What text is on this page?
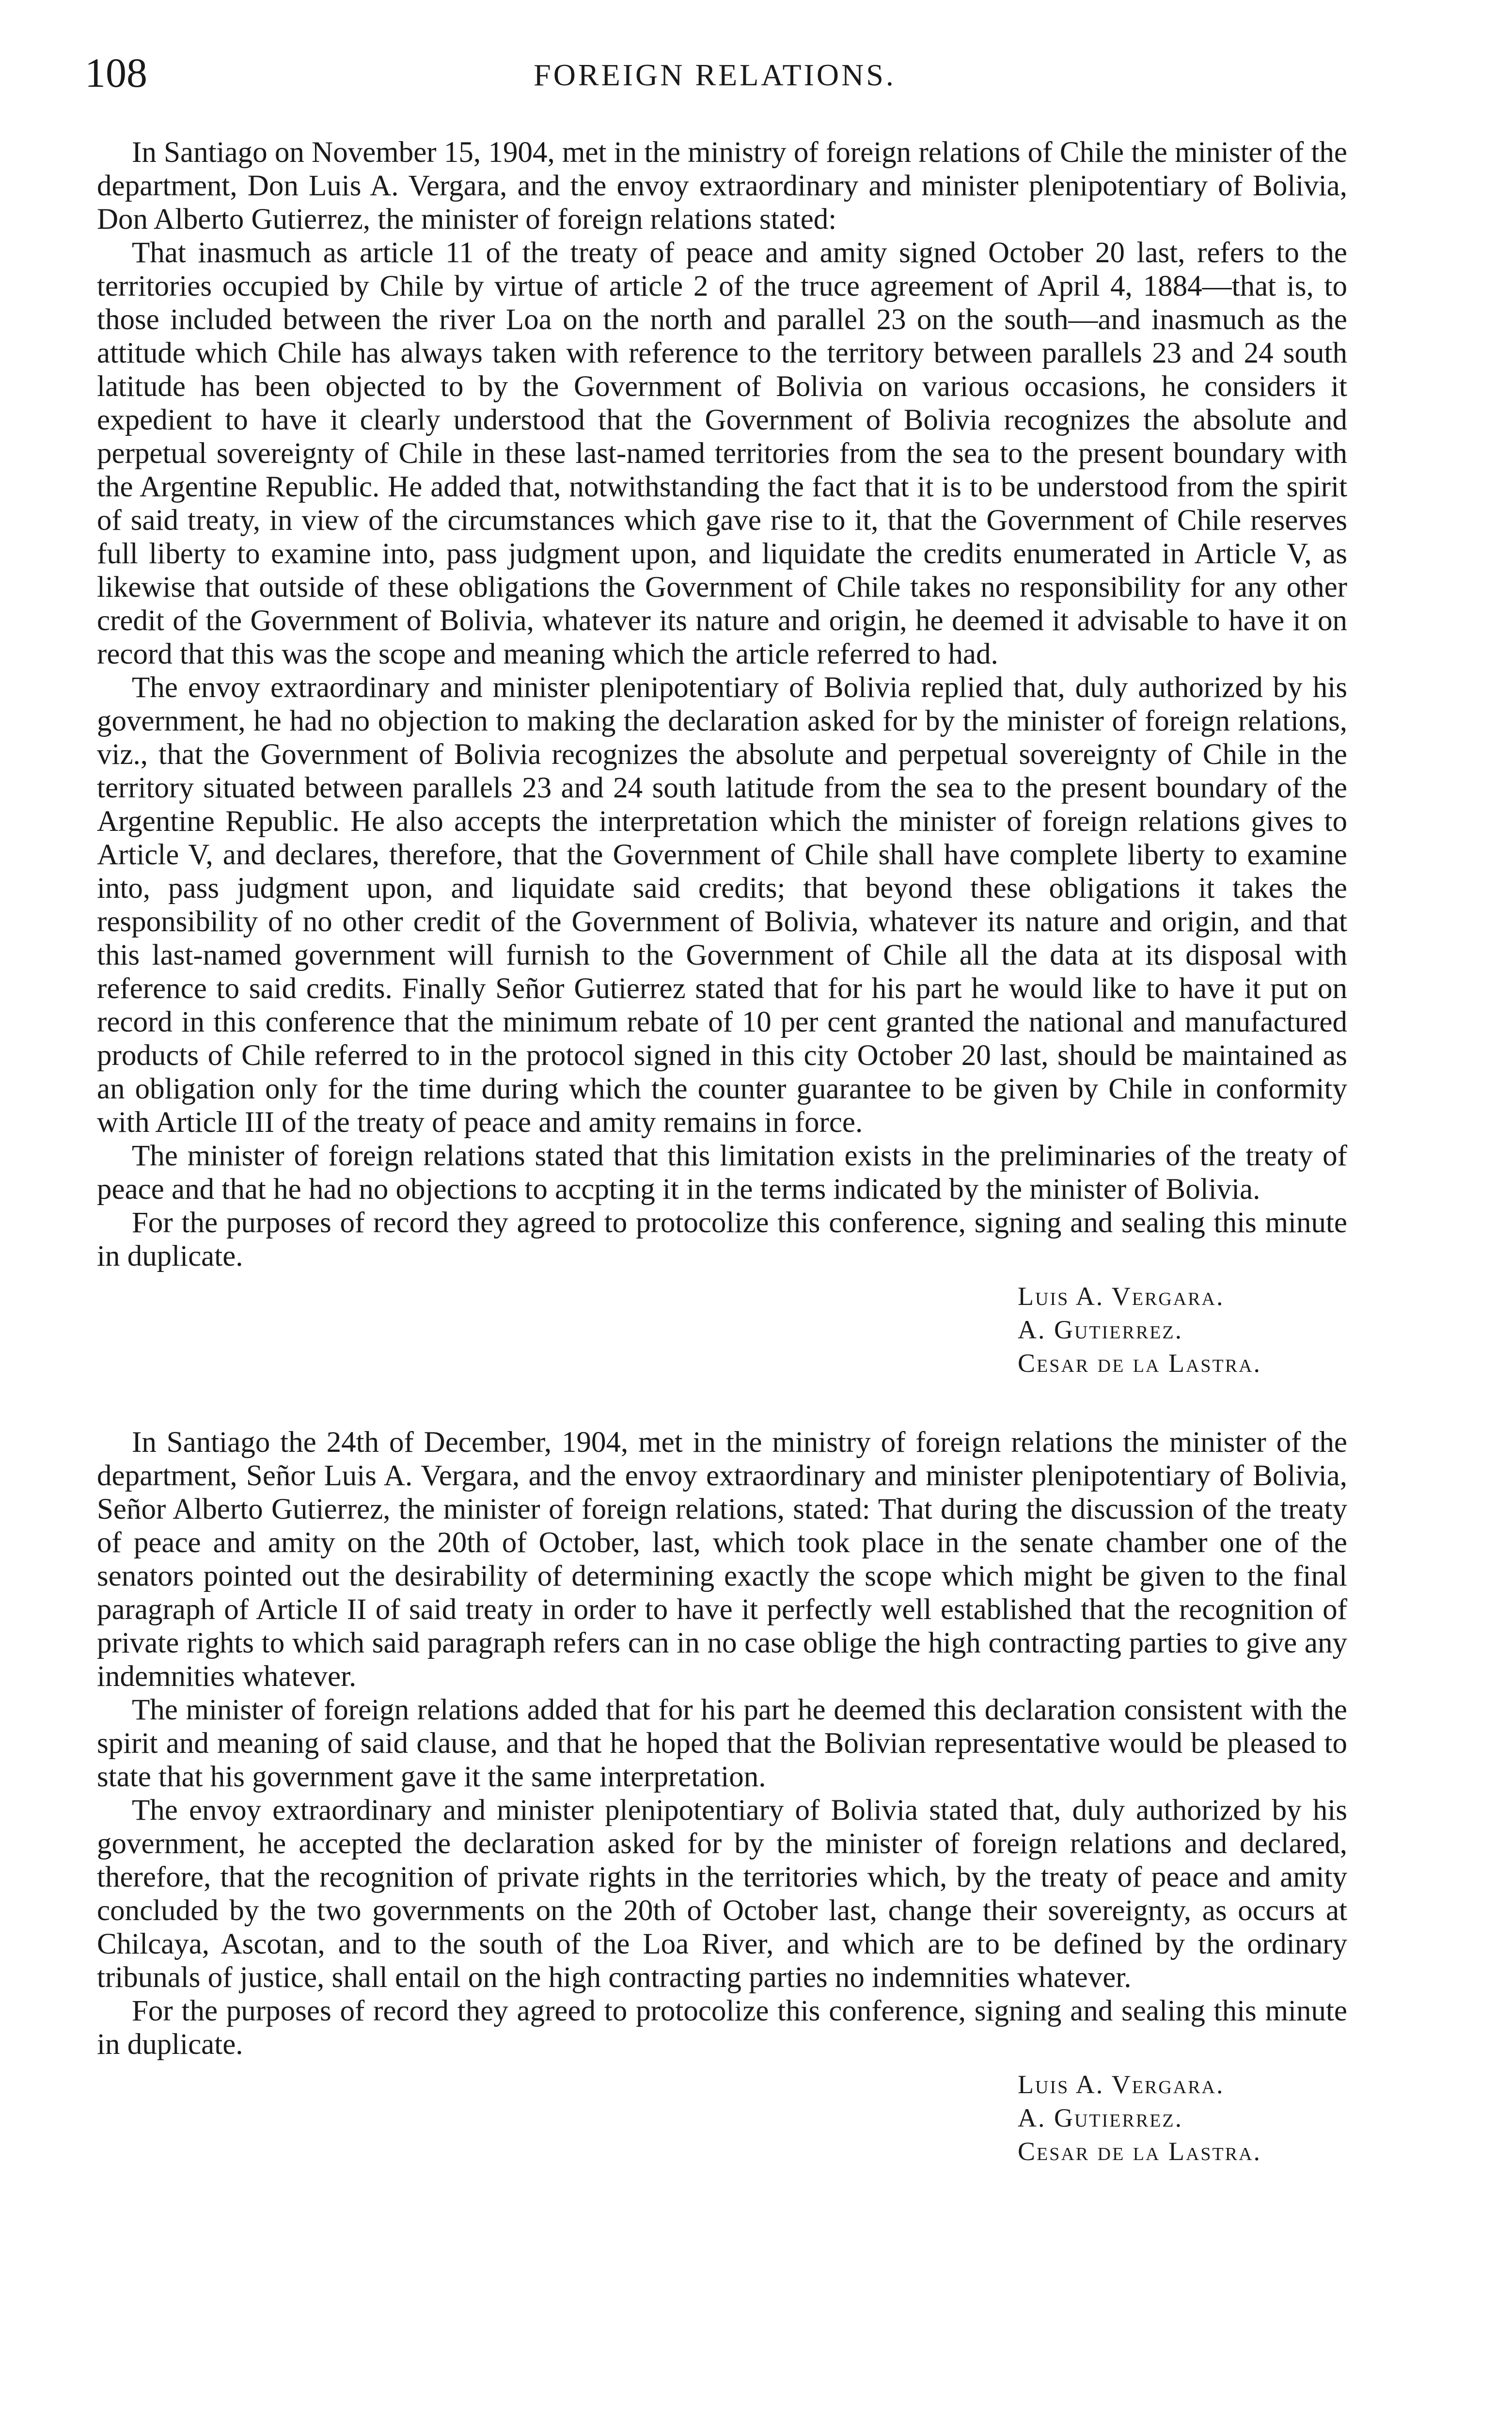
108	FOREIGN RELATIONS.

In Santiago on November 15, 1904, met in the ministry of foreign relations of Chile the minister of the department, Don Luis A. Vergara, and the envoy extraordinary and minister plenipotentiary of Bolivia, Don Alberto Gutierrez, the minister of foreign relations stated:

That inasmuch as article 11 of the treaty of peace and amity signed October 20 last, refers to the territories occupied by Chile by virtue of article 2 of the truce agreement of April 4, 1884—that is, to those included between the river Loa on the north and parallel 23 on the south—and inasmuch as the attitude which Chile has always taken with reference to the territory between parallels 23 and 24 south latitude has been objected to by the Government of Bolivia on various occasions, he considers it expedient to have it clearly understood that the Government of Bolivia recognizes the absolute and perpetual sovereignty of Chile in these last-named territories from the sea to the present boundary with the Argentine Republic. He added that, notwithstanding the fact that it is to be understood from the spirit of said treaty, in view of the circumstances which gave rise to it, that the Government of Chile reserves full liberty to examine into, pass judgment upon, and liquidate the credits enumerated in Article V, as likewise that outside of these obligations the Government of Chile takes no responsibility for any other credit of the Government of Bolivia, whatever its nature and origin, he deemed it advisable to have it on record that this was the scope and meaning which the article referred to had.

The envoy extraordinary and minister plenipotentiary of Bolivia replied that, duly authorized by his government, he had no objection to making the declaration asked for by the minister of foreign relations, viz., that the Government of Bolivia recognizes the absolute and perpetual sovereignty of Chile in the territory situated between parallels 23 and 24 south latitude from the sea to the present boundary of the Argentine Republic. He also accepts the interpretation which the minister of foreign relations gives to Article V, and declares, therefore, that the Government of Chile shall have complete liberty to examine into, pass judgment upon, and liquidate said credits; that beyond these obligations it takes the responsibility of no other credit of the Government of Bolivia, whatever its nature and origin, and that this last-named government will furnish to the Government of Chile all the data at its disposal with reference to said credits. Finally Señor Gutierrez stated that for his part he would like to have it put on record in this conference that the minimum rebate of 10 per cent granted the national and manufactured products of Chile referred to in the protocol signed in this city October 20 last, should be maintained as an obligation only for the time during which the counter guarantee to be given by Chile in conformity with Article III of the treaty of peace and amity remains in force.

The minister of foreign relations stated that this limitation exists in the preliminaries of the treaty of peace and that he had no objections to accpting it in the terms indicated by the minister of Bolivia.

For the purposes of record they agreed to protocolize this conference, signing and sealing this minute in duplicate.

Luis A. Vergara.
A. Gutierrez.
Cesar de la Lastra.

In Santiago the 24th of December, 1904, met in the ministry of foreign relations the minister of the department, Señor Luis A. Vergara, and the envoy extraordinary and minister plenipotentiary of Bolivia, Señor Alberto Gutierrez, the minister of foreign relations, stated: That during the discussion of the treaty of peace and amity on the 20th of October, last, which took place in the senate chamber one of the senators pointed out the desirability of determining exactly the scope which might be given to the final paragraph of Article II of said treaty in order to have it perfectly well established that the recognition of private rights to which said paragraph refers can in no case oblige the high contracting parties to give any indemnities whatever.

The minister of foreign relations added that for his part he deemed this declaration consistent with the spirit and meaning of said clause, and that he hoped that the Bolivian representative would be pleased to state that his government gave it the same interpretation.

The envoy extraordinary and minister plenipotentiary of Bolivia stated that, duly authorized by his government, he accepted the declaration asked for by the minister of foreign relations and declared, therefore, that the recognition of private rights in the territories which, by the treaty of peace and amity concluded by the two governments on the 20th of October last, change their sovereignty, as occurs at Chilcaya, Ascotan, and to the south of the Loa River, and which are to be defined by the ordinary tribunals of justice, shall entail on the high contracting parties no indemnities whatever.

For the purposes of record they agreed to protocolize this conference, signing and sealing this minute in duplicate.

Luis A. Vergara.
A. Gutierrez.
Cesar de la Lastra.
